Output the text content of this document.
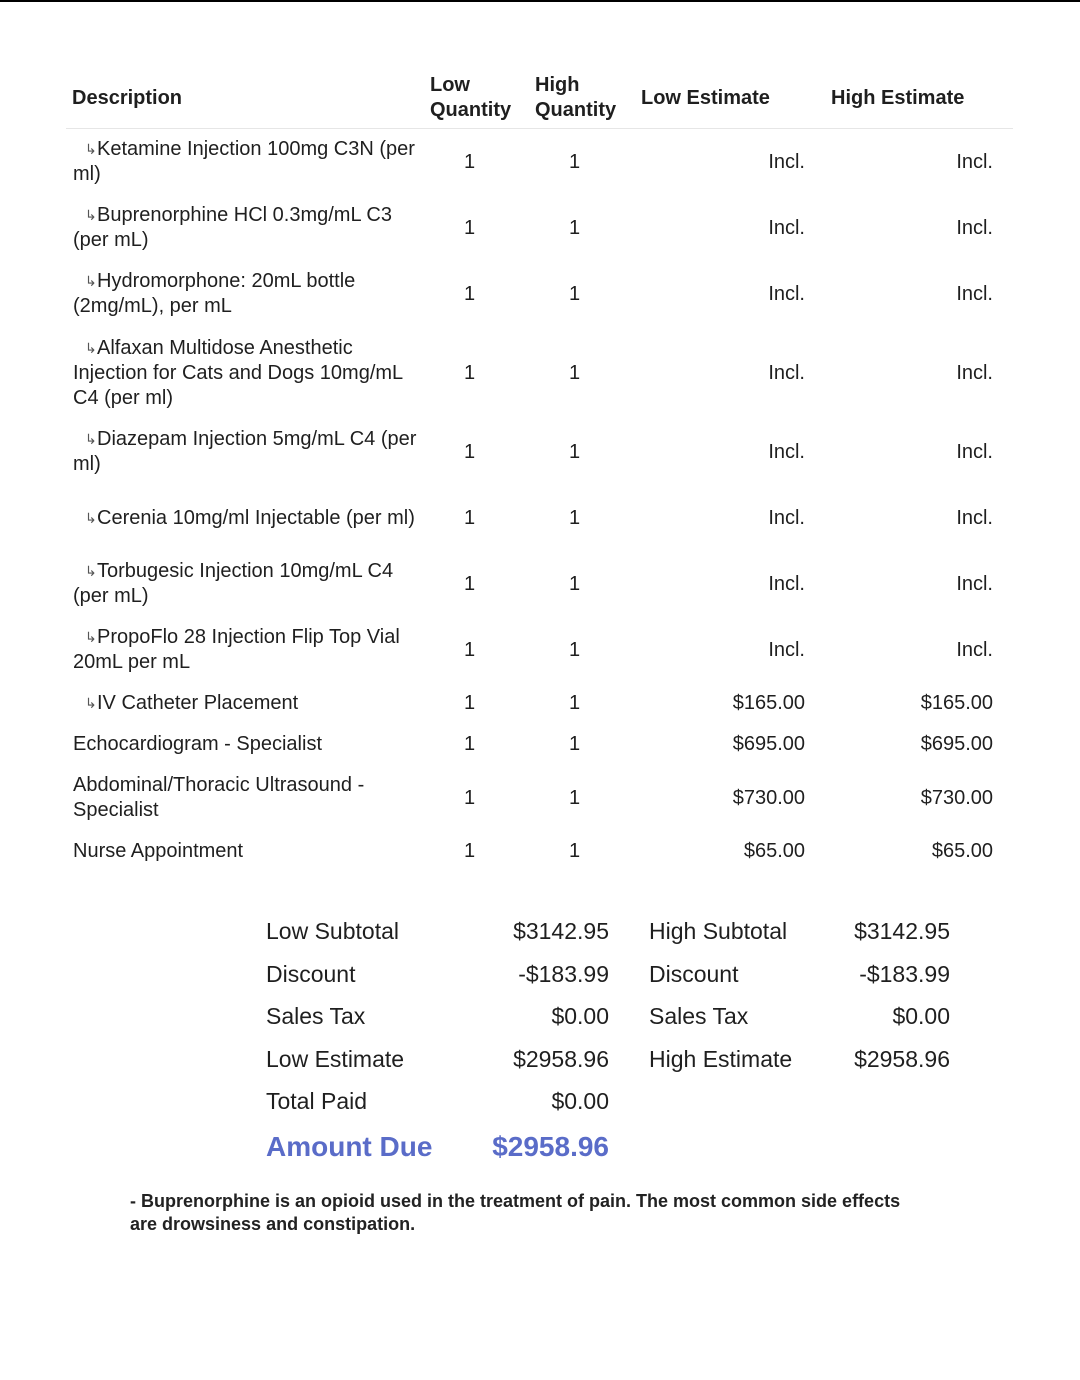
Description	Low Quantity	High Quantity	Low Estimate	High Estimate
↳Ketamine Injection 100mg C3N (per ml)	1	1	Incl.	Incl.
↳Buprenorphine HCl 0.3mg/mL C3 (per mL)	1	1	Incl.	Incl.
↳Hydromorphone: 20mL bottle (2mg/mL), per mL	1	1	Incl.	Incl.
↳Alfaxan Multidose Anesthetic Injection for Cats and Dogs 10mg/mL C4 (per ml)	1	1	Incl.	Incl.
↳Diazepam Injection 5mg/mL C4 (per ml)	1	1	Incl.	Incl.
↳Cerenia 10mg/ml Injectable (per ml)	1	1	Incl.	Incl.
↳Torbugesic Injection 10mg/mL C4 (per mL)	1	1	Incl.	Incl.
↳PropoFlo 28 Injection Flip Top Vial 20mL per mL	1	1	Incl.	Incl.
↳IV Catheter Placement	1	1	$165.00	$165.00
Echocardiogram - Specialist	1	1	$695.00	$695.00
Abdominal/Thoracic Ultrasound - Specialist	1	1	$730.00	$730.00
Nurse Appointment	1	1	$65.00	$65.00
Low Subtotal	$3142.95 High Subtotal	$3142.95
Discount	-$183.99 Discount	-$183.99
Sales Tax	$0.00 Sales Tax	$0.00
Low Estimate	$2958.96 High Estimate	$2958.96
Total Paid	$0.00
Amount Due	$2958.96
- Buprenorphine is an opioid used in the treatment of pain. The most common side effects are drowsiness and constipation.
